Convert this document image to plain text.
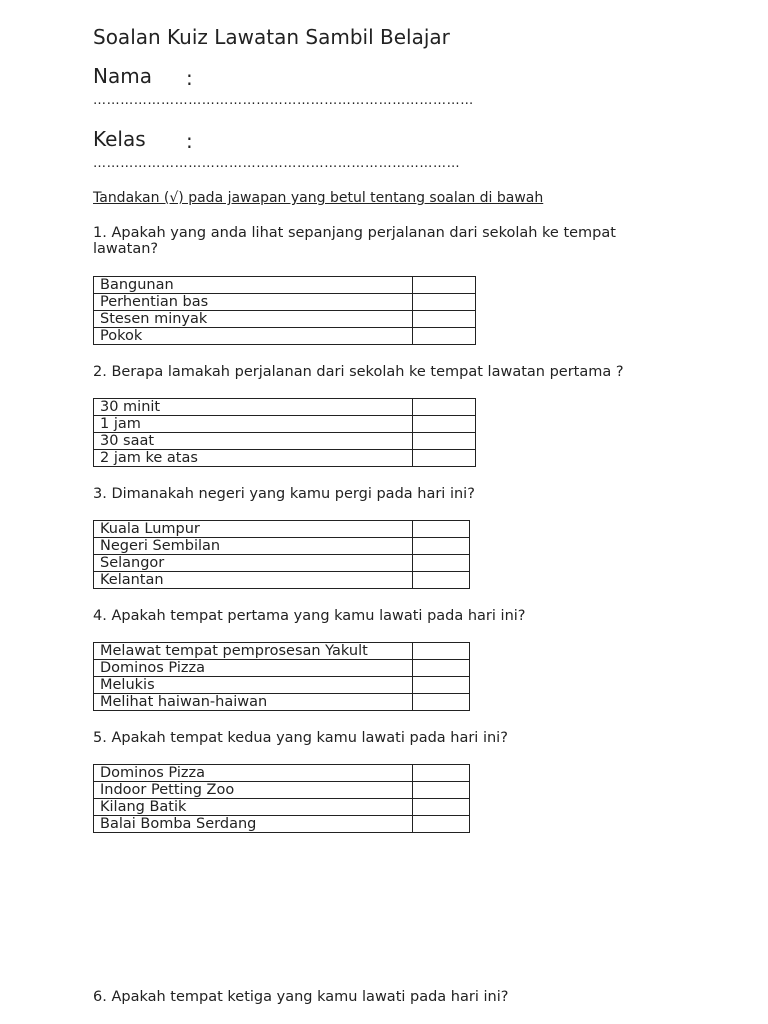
Soalan Kuiz Lawatan Sambil Belajar
Nama :
…………………………………………………………………………
Kelas :
………………………………………………………………………
Tandakan (√) pada jawapan yang betul tentang soalan di bawah
1. Apakah yang anda lihat sepanjang perjalanan dari sekolah ke tempat lawatan?
Bangunan	
Perhentian bas	
Stesen minyak	
Pokok	
2. Berapa lamakah perjalanan dari sekolah ke tempat lawatan pertama ?
30 minit	
1 jam	
30 saat	
2 jam ke atas	
3. Dimanakah negeri yang kamu pergi pada hari ini?
Kuala Lumpur	
Negeri Sembilan	
Selangor	
Kelantan	
4. Apakah tempat pertama yang kamu lawati pada hari ini?
Melawat tempat pemprosesan Yakult	
Dominos Pizza	
Melukis	
Melihat haiwan-haiwan	
5. Apakah tempat kedua yang kamu lawati pada hari ini?
Dominos Pizza	
Indoor Petting Zoo	
Kilang Batik	
Balai Bomba Serdang	
6. Apakah tempat ketiga yang kamu lawati pada hari ini?
